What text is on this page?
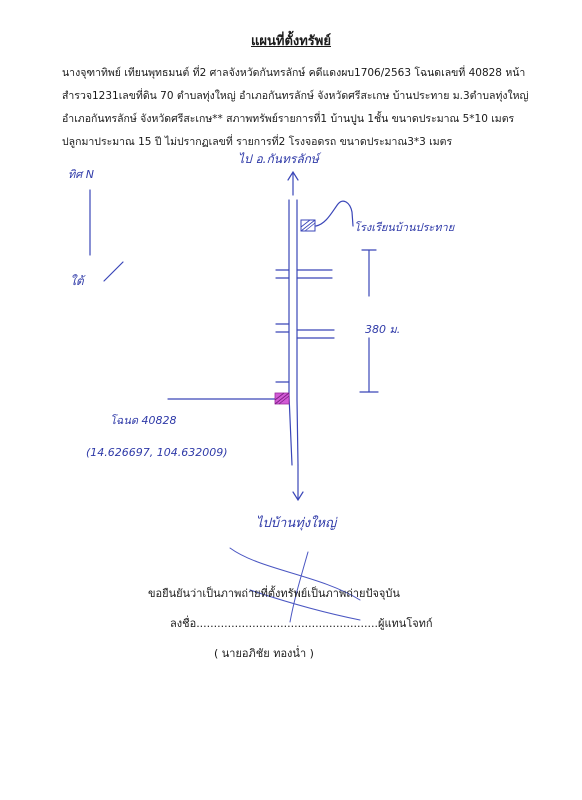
แผนที่ตั้งทรัพย์

นางจุฑาทิพย์ เทียนพุทธมนต์ ที่2 ศาลจังหวัดกันทรลักษ์ คดีแดงผบ1706/2563 โฉนดเลขที่ 40828 หน้า
สำรวจ1231เลขที่ดิน 70 ตำบลทุ่งใหญ่ อำเภอกันทรลักษ์ จังหวัดศรีสะเกษ บ้านประทาย ม.3ตำบลทุ่งใหญ่
อำเภอกันทรลักษ์ จังหวัดศรีสะเกษ** สภาพทรัพย์รายการที่1 บ้านปูน 1ชั้น ขนาดประมาณ 5*10 เมตร
ปลูกมาประมาณ 15 ปี ไม่ปรากฏเลขที่ รายการที่2 โรงจอดรถ ขนาดประมาณ3*3 เมตร

ทิศ N
ใต้
ไป อ.กันทรลักษ์
โรงเรียนบ้านประทาย
380 ม.
โฉนด 40828
(14.626697, 104.632009)
ไปบ้านทุ่งใหญ่
ขอยืนยันว่าเป็นภาพถ่ายที่ตั้งทรัพย์เป็นภาพถ่ายปัจจุบัน
ลงชื่อ....................................................ผู้แทนโจทก์
( นายอภิชัย ทองน่ำ )
